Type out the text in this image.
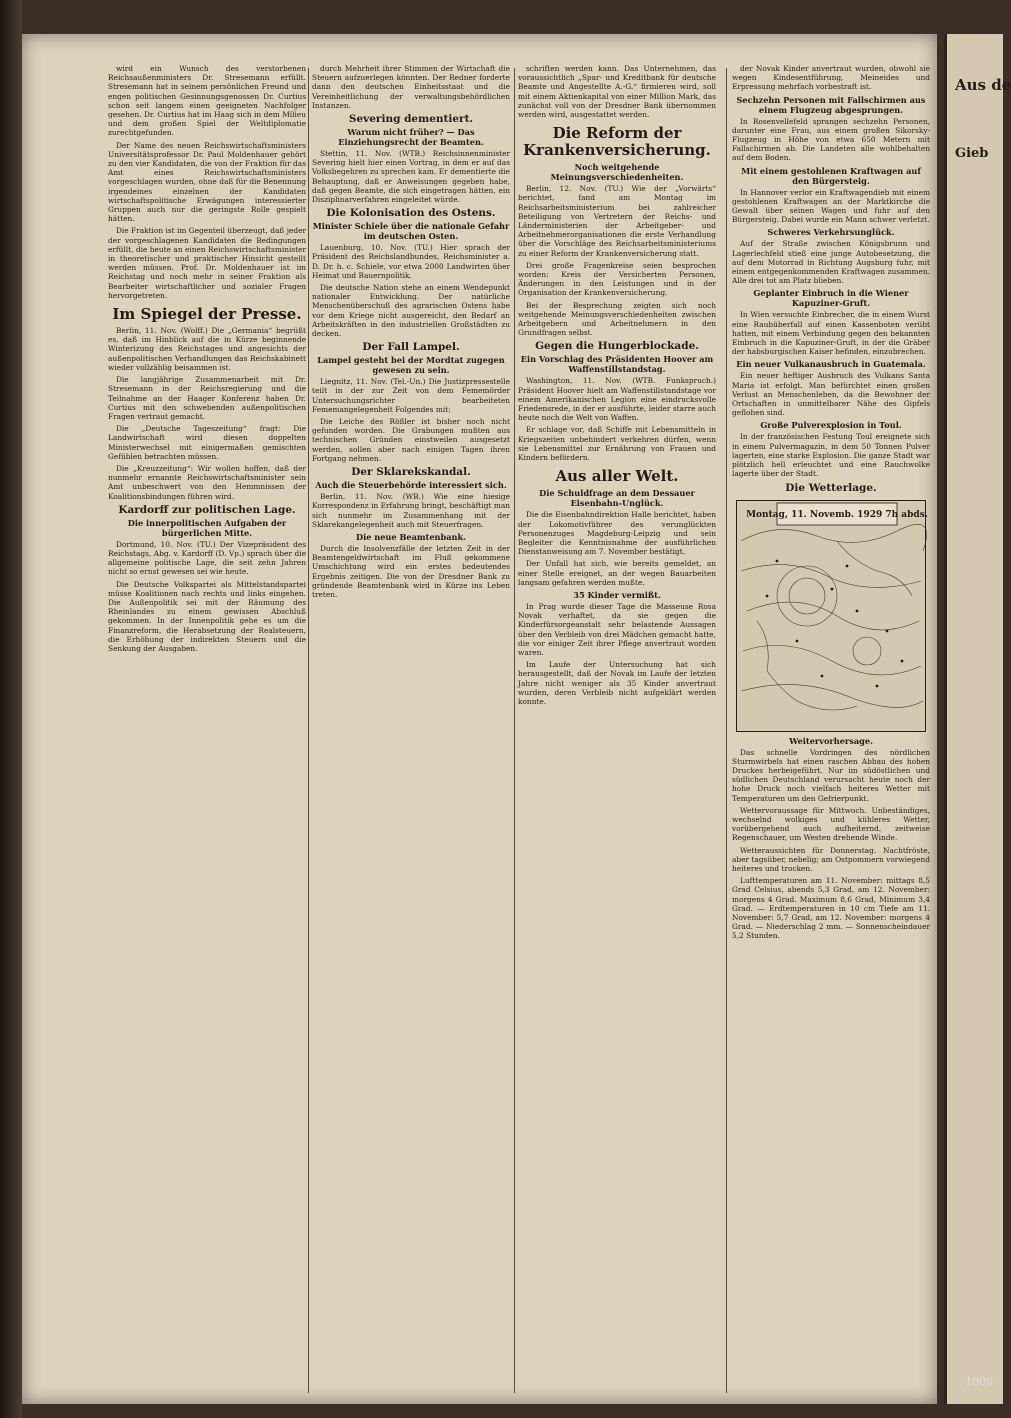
wird ein Wunsch des verstorbenen Reichsaußenministers Dr. Stresemann erfüllt. Stresemann hat in seinem persönlichen Freund und engen politischen Gesinnungsgenossen Dr. Curtius schon seit langem einen geeigneten Nachfolger gesehen. Dr. Curtius hat im Haag sich in dem Milieu und dem großen Spiel der Weltdiplomatie zurechtgefunden.

Der Name des neuen Reichswirtschaftsministers Universitätsprofessor Dr. Paul Moldenhauer gehört zu den vier Kandidaten, die von der Fraktion für das Amt eines Reichswirtschaftsministers vorgeschlagen wurden, ohne daß für die Benennung irgendeines einzelnen der Kandidaten wirtschaftspolitische Erwägungen interessierter Gruppen auch nur die geringste Rolle gespielt hätten.

Die Fraktion ist im Gegenteil überzeugt, daß jeder der vorgeschlagenen Kandidaten die Bedingungen erfüllt, die heute an einen Reichswirtschaftsminister in theoretischer und praktischer Hinsicht gestellt werden müssen. Prof. Dr. Moldenhauer ist im Reichstag und noch mehr in seiner Fraktion als Bearbeiter wirtschaftlicher und sozialer Fragen hervorgetreten.

Im Spiegel der Presse.

Berlin, 11. Nov. (Wolff.) Die „Germania“ begrüßt es, daß im Hinblick auf die in Kürze beginnende Winterizung des Reichstages und angesichts der außenpolitischen Verhandlungen das Reichskabinett wieder vollzählig beisammen ist.

Die langjährige Zusammenarbeit mit Dr. Stresemann in der Reichsregierung und die Teilnahme an der Haager Konferenz haben Dr. Curtius mit den schwebenden außenpolitischen Fragen vertraut gemacht.

Die „Deutsche Tageszeitung“ fragt: Die Landwirtschaft wird diesen doppelten Ministerwechsel mit einigermaßen gemischten Gefühlen betrachten müssen.

Die „Kreuzzeitung“: Wir wollen hoffen, daß der nunmehr ernannte Reichswirtschaftsminister sein Amt unbeschwert von den Hemmnissen der Koalitionsbindungen führen wird.

Kardorff zur politischen Lage.
Die innerpolitischen Aufgaben der bürgerlichen Mitte.

Dortmund, 10. Nov. (TU.) Der Vizepräsident des Reichstags, Abg. v. Kardorff (D. Vp.) sprach über die allgemeine politische Lage, die seit zehn Jahren nicht so ernst gewesen sei wie heute.

Die Deutsche Volkspartei als Mittelstandspartei müsse Koalitionen nach rechts und links eingehen. Die Außenpolitik sei mit der Räumung des Rheinlandes zu einem gewissen Abschluß gekommen. In der Innenpolitik gehe es um die Finanzreform, die Herabsetzung der Realsteuern, die Erhöhung der indirekten Steuern und die Senkung der Ausgaben.

durch Mehrheit ihrer Stimmen der Wirtschaft die Steuern aufzuerlegen könnten. Der Redner forderte dann den deutschen Einheitsstaat und die Vereinheitlichung der verwaltungsbehördlichen Instanzen.

Severing dementiert.
Warum nicht früher? — Das Einziehungsrecht der Beamten.

Stettin, 11. Nov. (WTB.) Reichsinnenminister Severing hielt hier einen Vortrag, in dem er auf das Volksbegehren zu sprechen kam. Er dementierte die Behauptung, daß er Anweisungen gegeben habe, daß gegen Beamte, die sich eingetragen hätten, ein Disziplinarverfahren eingeleitet würde.

Die Kolonisation des Ostens.
Minister Schiele über die nationale Gefahr im deutschen Osten.

Lauenburg, 10. Nov. (TU.) Hier sprach der Präsident des Reichslandbundes, Reichsminister a. D. Dr. h. c. Schiele, vor etwa 2000 Landwirten über Heimat und Bauernpolitik.

Die deutsche Nation stehe an einem Wendepunkt nationaler Entwicklung. Der natürliche Menschenüberschuß des agrarischen Ostens habe vor dem Kriege nicht ausgereicht, den Bedarf an Arbeitskräften in den industriellen Großstädten zu decken.

Der Fall Lampel.
Lampel gesteht bei der Mordtat zugegen gewesen zu sein.

Liegnitz, 11. Nov. (Tel.-Un.) Die Justizpressestelle teilt in der zur Zeit von dem Fememörder Untersuchungsrichter bearbeiteten Fememangelegenheit Folgendes mit:

Die Leiche des Rößler ist bisher noch nicht gefunden worden. Die Grabungen mußten aus technischen Gründen einstweilen ausgesetzt werden, sollen aber nach einigen Tagen ihren Fortgang nehmen.

Der Sklarekskandal.
Auch die Steuerbehörde interessiert sich.

Berlin, 11. Nov. (WB.) Wie eine hiesige Korrespondenz in Erfahrung bringt, beschäftigt man sich nunmehr im Zusammenhang mit der Sklarekangelegenheit auch mit Steuerfragen.

Die neue Beamtenbank.

Durch die Insolvenzfälle der letzten Zeit in der Beamtengeldwirtschaft im Fluß gekommene Umschichtung wird ein erstes bedeutendes Ergebnis zeitigen. Die von der Dresdner Bank zu gründende Beamtenbank wird in Kürze ins Leben treten.

schriften werden kann. Das Unternehmen, das voraussichtlich „Spar- und Kreditbank für deutsche Beamte und Angestellte A.-G.“ firmieren wird, soll mit einem Aktienkapital von einer Million Mark, das zunächst voll von der Dresdner Bank übernommen werden wird, ausgestattet werden.

Die Reform der Krankenversicherung.
Noch weitgehende Meinungsverschiedenheiten.

Berlin, 12. Nov. (TU.) Wie der „Vorwärts“ berichtet, fand am Montag im Reichsarbeitsministerium bei zahlreicher Beteiligung von Vertretern der Reichs- und Länderministerien der Arbeitgeber- und Arbeitnehmerorganisationen die erste Verhandlung über die Vorschläge des Reichsarbeitsministeriums zu einer Reform der Krankenversicherung statt.

Drei große Fragenkreise seien besprochen worden: Kreis der Versicherten Personen, Änderungen in den Leistungen und in der Organisation der Krankenversicherung.

Bei der Besprechung zeigten sich noch weitgehende Meinungsverschiedenheiten zwischen Arbeitgebern und Arbeitnehmern in den Grundfragen selbst.

Gegen die Hungerblockade.
Ein Vorschlag des Präsidenten Hoover am Waffenstillstandstag.

Washington, 11. Nov. (WTB. Funkspruch.) Präsident Hoover hielt am Waffenstillstandstage vor einem Amerikanischen Legion eine eindrucksvolle Friedensrede, in der er ausführte, leider starre auch heute noch die Welt von Waffen.

Er schlage vor, daß Schiffe mit Lebensmitteln in Kriegszeiten unbehindert verkehren dürfen, wenn sie Lebensmittel zur Ernährung von Frauen und Kindern befördern.

Aus aller Welt.
Die Schuldfrage an dem Dessauer Eisenbahn-Unglück.

Die die Eisenbahndirektion Halle berichtet, haben der Lokomotivführer des verunglückten Personenzuges Magdeburg-Leipzig und sein Begleiter die Kenntnisnahme der ausführlichen Dienstanweisung am 7. November bestätigt.

Der Unfall hat sich, wie bereits gemeldet, an einer Stelle ereignet, an der wegen Bauarbeiten langsam gefahren werden mußte.

35 Kinder vermißt.

In Prag wurde dieser Tage die Masseuse Rosa Novak verhaftet, da sie gegen die Kinderfürsorgeanstalt sehr belastende Aussagen über den Verbleib von drei Mädchen gemacht hatte, die vor einiger Zeit ihrer Pflege anvertraut worden waren.

Im Laufe der Untersuchung hat sich herausgestellt, daß der Novak im Laufe der letzten Jahre nicht weniger als 35 Kinder anvertraut wurden, deren Verbleib nicht aufgeklärt werden konnte.

der Novak Kinder anvertraut wurden, obwohl sie wegen Kindesentführung, Meineides und Erpressung mehrfach vorbestraft ist.

Sechzehn Personen mit Fallschirmen aus einem Flugzeug abgesprungen.

In Rosenvellefeld sprangen sechzehn Personen, darunter eine Frau, aus einem großen Sikorsky-Flugzeug in Höhe von etwa 650 Metern mit Fallschirmen ab. Die Landeten alle wohlbehalten auf dem Boden.

Mit einem gestohlenen Kraftwagen auf den Bürgersteig.

In Hannover verlor ein Kraftwagendieb mit einem gestohlenen Kraftwagen an der Marktkirche die Gewalt über seinen Wagen und fuhr auf den Bürgersteig. Dabei wurde ein Mann schwer verletzt.

Schweres Verkehrsunglück.

Auf der Straße zwischen Königsbrunn und Lagerlechfeld stieß eine junge Autobesetzung, die auf dem Motorrad in Richtung Augsburg fuhr, mit einem entgegenkommenden Kraftwagen zusammen. Alle drei tot am Platz blieben.

Geplanter Einbruch in die Wiener Kapuziner-Gruft.

In Wien versuchte Einbrecher, die in einem Wurst eine Raubüberfall auf einen Kassenboten verübt hatten, mit einem Verbindung gegen den bekannten Einbruch in die Kapuziner-Gruft, in der die Gräber der habsburgischen Kaiser befinden, einzubrechen.

Ein neuer Vulkanausbruch in Guatemala.

Ein neuer heftiger Ausbruch des Vulkans Santa Maria ist erfolgt. Man befürchtet einen großen Verlust an Menschenleben, da die Bewohner der Ortschaften in unmittelbarer Nähe des Gipfels geflohen sind.

Große Pulverexplosion in Toul.

In der französischen Festung Toul ereignete sich in einem Pulvermagazin, in dem 50 Tonnen Pulver lagerten, eine starke Explosion. Die ganze Stadt war plötzlich hell erleuchtet und eine Rauchwolke lagerte über der Stadt.

Die Wetterlage.
Montag, 11. Novemb. 1929 7h abds.
Weitervorhersage.

Das schnelle Vordringen des nördlichen Sturmwirbels hat einen raschen Abbau des hohen Druckes herbeigeführt. Nur im südöstlichen und südlichen Deutschland verursacht heute noch der hohe Druck noch vielfach heiteres Wetter mit Temperaturen um den Gefrierpunkt.

Wettervoraussage für Mittwoch. Unbeständiges, wechselnd wolkiges und kühleres Wetter, vorübergehend auch aufheiternd, zeitweise Regenschauer, um Westen drehende Winde.

Wetteraussichten für Donnerstag. Nachtfröste, aber tagsüber, nebelig; am Ostpommern vorwiegend heiteres und trocken.

Lufttemperaturen am 11. November: mittags 8,5 Grad Celsius, abends 5,3 Grad, am 12. November: morgens 4 Grad. Maximum 8,6 Grad, Minimum 3,4 Grad. — Erdtemperaturen in 10 cm Tiefe am 11. November: 5,7 Grad, am 12. November: morgens 4 Grad. — Niederschlag 2 mm. — Sonnenscheindauer 5,2 Stunden.

Aus de
Gieb
1000
